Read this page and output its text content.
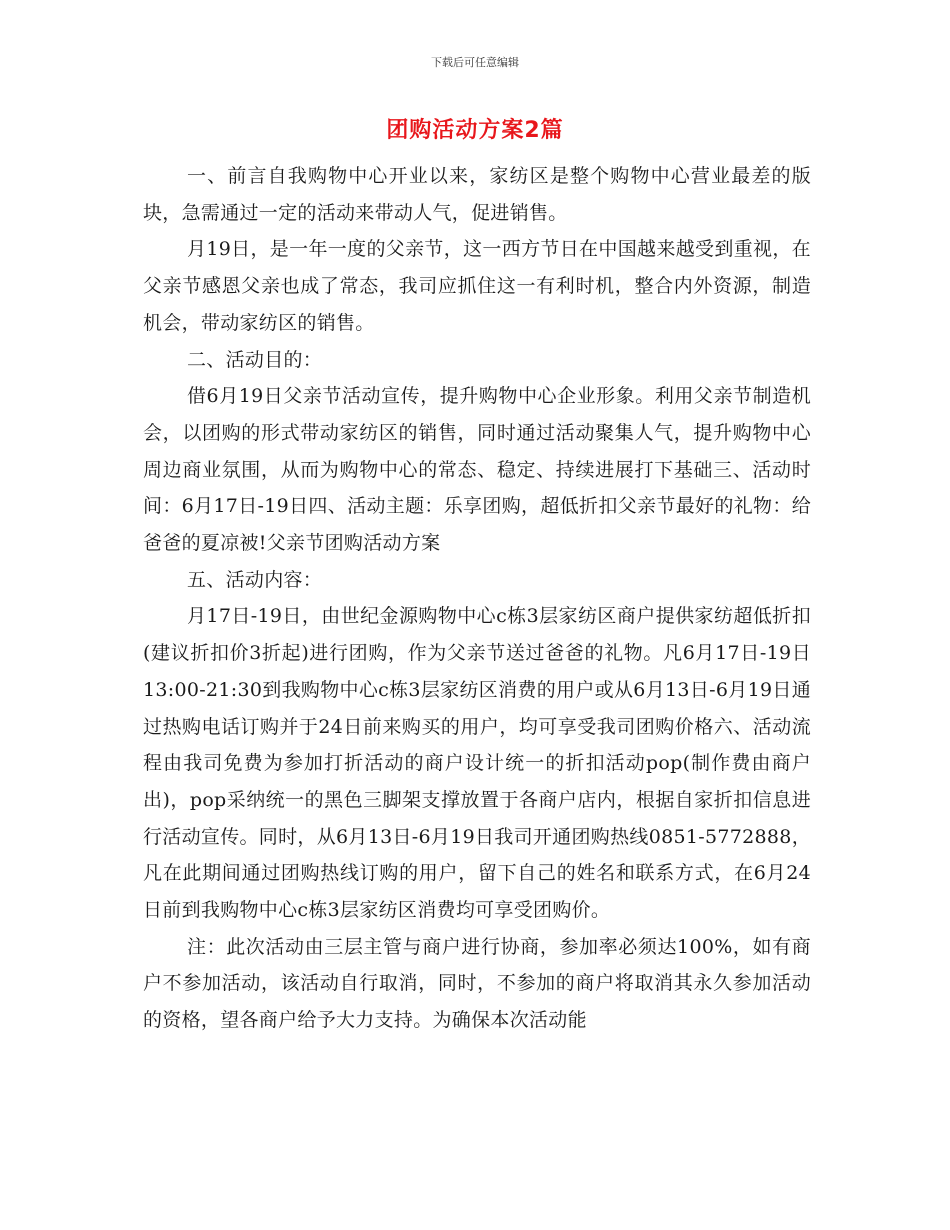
下载后可任意编辑
团购活动方案2篇

一、前言自我购物中心开业以来，家纺区是整个购物中心营业最差的版块，急需通过一定的活动来带动人气，促进销售。

月19日，是一年一度的父亲节，这一西方节日在中国越来越受到重视，在父亲节感恩父亲也成了常态，我司应抓住这一有利时机，整合内外资源，制造机会，带动家纺区的销售。

二、活动目的：

借6月19日父亲节活动宣传，提升购物中心企业形象。利用父亲节制造机会，以团购的形式带动家纺区的销售，同时通过活动聚集人气，提升购物中心周边商业氛围，从而为购物中心的常态、稳定、持续进展打下基础三、活动时间：6月17日-19日四、活动主题：乐享团购，超低折扣父亲节最好的礼物：给爸爸的夏凉被!父亲节团购活动方案

五、活动内容：

月17日-19日，由世纪金源购物中心c栋3层家纺区商户提供家纺超低折扣(建议折扣价3折起)进行团购，作为父亲节送过爸爸的礼物。凡6月17日-19日13:00-21:30到我购物中心c栋3层家纺区消费的用户或从6月13日-6月19日通过热购电话订购并于24日前来购买的用户，均可享受我司团购价格六、活动流程由我司免费为参加打折活动的商户设计统一的折扣活动pop(制作费由商户出)，pop采纳统一的黑色三脚架支撑放置于各商户店内，根据自家折扣信息进行活动宣传。同时，从6月13日-6月19日我司开通团购热线0851-5772888，凡在此期间通过团购热线订购的用户，留下自己的姓名和联系方式，在6月24日前到我购物中心c栋3层家纺区消费均可享受团购价。

注：此次活动由三层主管与商户进行协商，参加率必须达100%，如有商户不参加活动，该活动自行取消，同时，不参加的商户将取消其永久参加活动的资格，望各商户给予大力支持。为确保本次活动能
